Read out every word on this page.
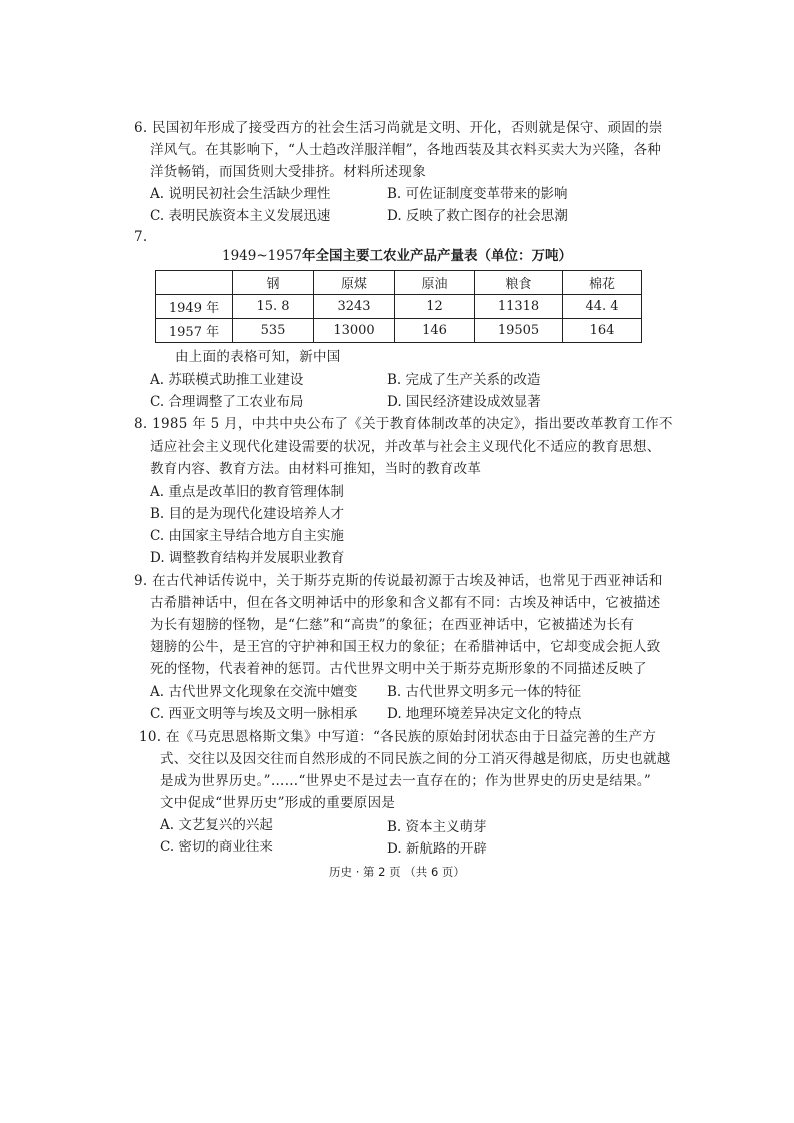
6. 民国初年形成了接受西方的社会生活习尚就是文明、开化，否则就是保守、顽固的崇
洋风气。在其影响下，“人士趋改洋服洋帽”，各地西装及其衣料买卖大为兴隆，各种
洋货畅销，而国货则大受排挤。材料所述现象
A. 说明民初社会生活缺少理性	B. 可佐证制度变革带来的影响
C. 表明民族资本主义发展迅速	D. 反映了救亡图存的社会思潮
7.
1949~1957年全国主要工农业产品产量表（单位：万吨）
	钢	原煤	原油	粮食	棉花
1949 年	15. 8	3243	12	11318	44. 4
1957 年	535	13000	146	19505	164
由上面的表格可知，新中国
A. 苏联模式助推工业建设	B. 完成了生产关系的改造
C. 合理调整了工农业布局	D. 国民经济建设成效显著
8. 1985 年 5 月，中共中央公布了《关于教育体制改革的决定》，指出要改革教育工作不
适应社会主义现代化建设需要的状况，并改革与社会主义现代化不适应的教育思想、
教育内容、教育方法。由材料可推知，当时的教育改革
A. 重点是改革旧的教育管理体制
B. 目的是为现代化建设培养人才
C. 由国家主导结合地方自主实施
D. 调整教育结构并发展职业教育
9. 在古代神话传说中，关于斯芬克斯的传说最初源于古埃及神话，也常见于西亚神话和
古希腊神话中，但在各文明神话中的形象和含义都有不同：古埃及神话中，它被描述
为长有翅膀的怪物，是“仁慈”和“高贵”的象征；在西亚神话中，它被描述为长有
翅膀的公牛，是王宫的守护神和国王权力的象征；在希腊神话中，它却变成会扼人致
死的怪物，代表着神的惩罚。古代世界文明中关于斯芬克斯形象的不同描述反映了
A. 古代世界文化现象在交流中嬗变 B. 古代世界文明多元一体的特征
C. 西亚文明等与埃及文明一脉相承 D. 地理环境差异决定文化的特点
10. 在《马克思恩格斯文集》中写道：“各民族的原始封闭状态由于日益完善的生产方
式、交往以及因交往而自然形成的不同民族之间的分工消灭得越是彻底，历史也就越
是成为世界历史。”……“世界史不是过去一直存在的；作为世界史的历史是结果。”
文中促成“世界历史”形成的重要原因是
A. 文艺复兴的兴起	B. 资本主义萌芽
C. 密切的商业往来	D. 新航路的开辟
历史 · 第 2 页 （共 6 页）
